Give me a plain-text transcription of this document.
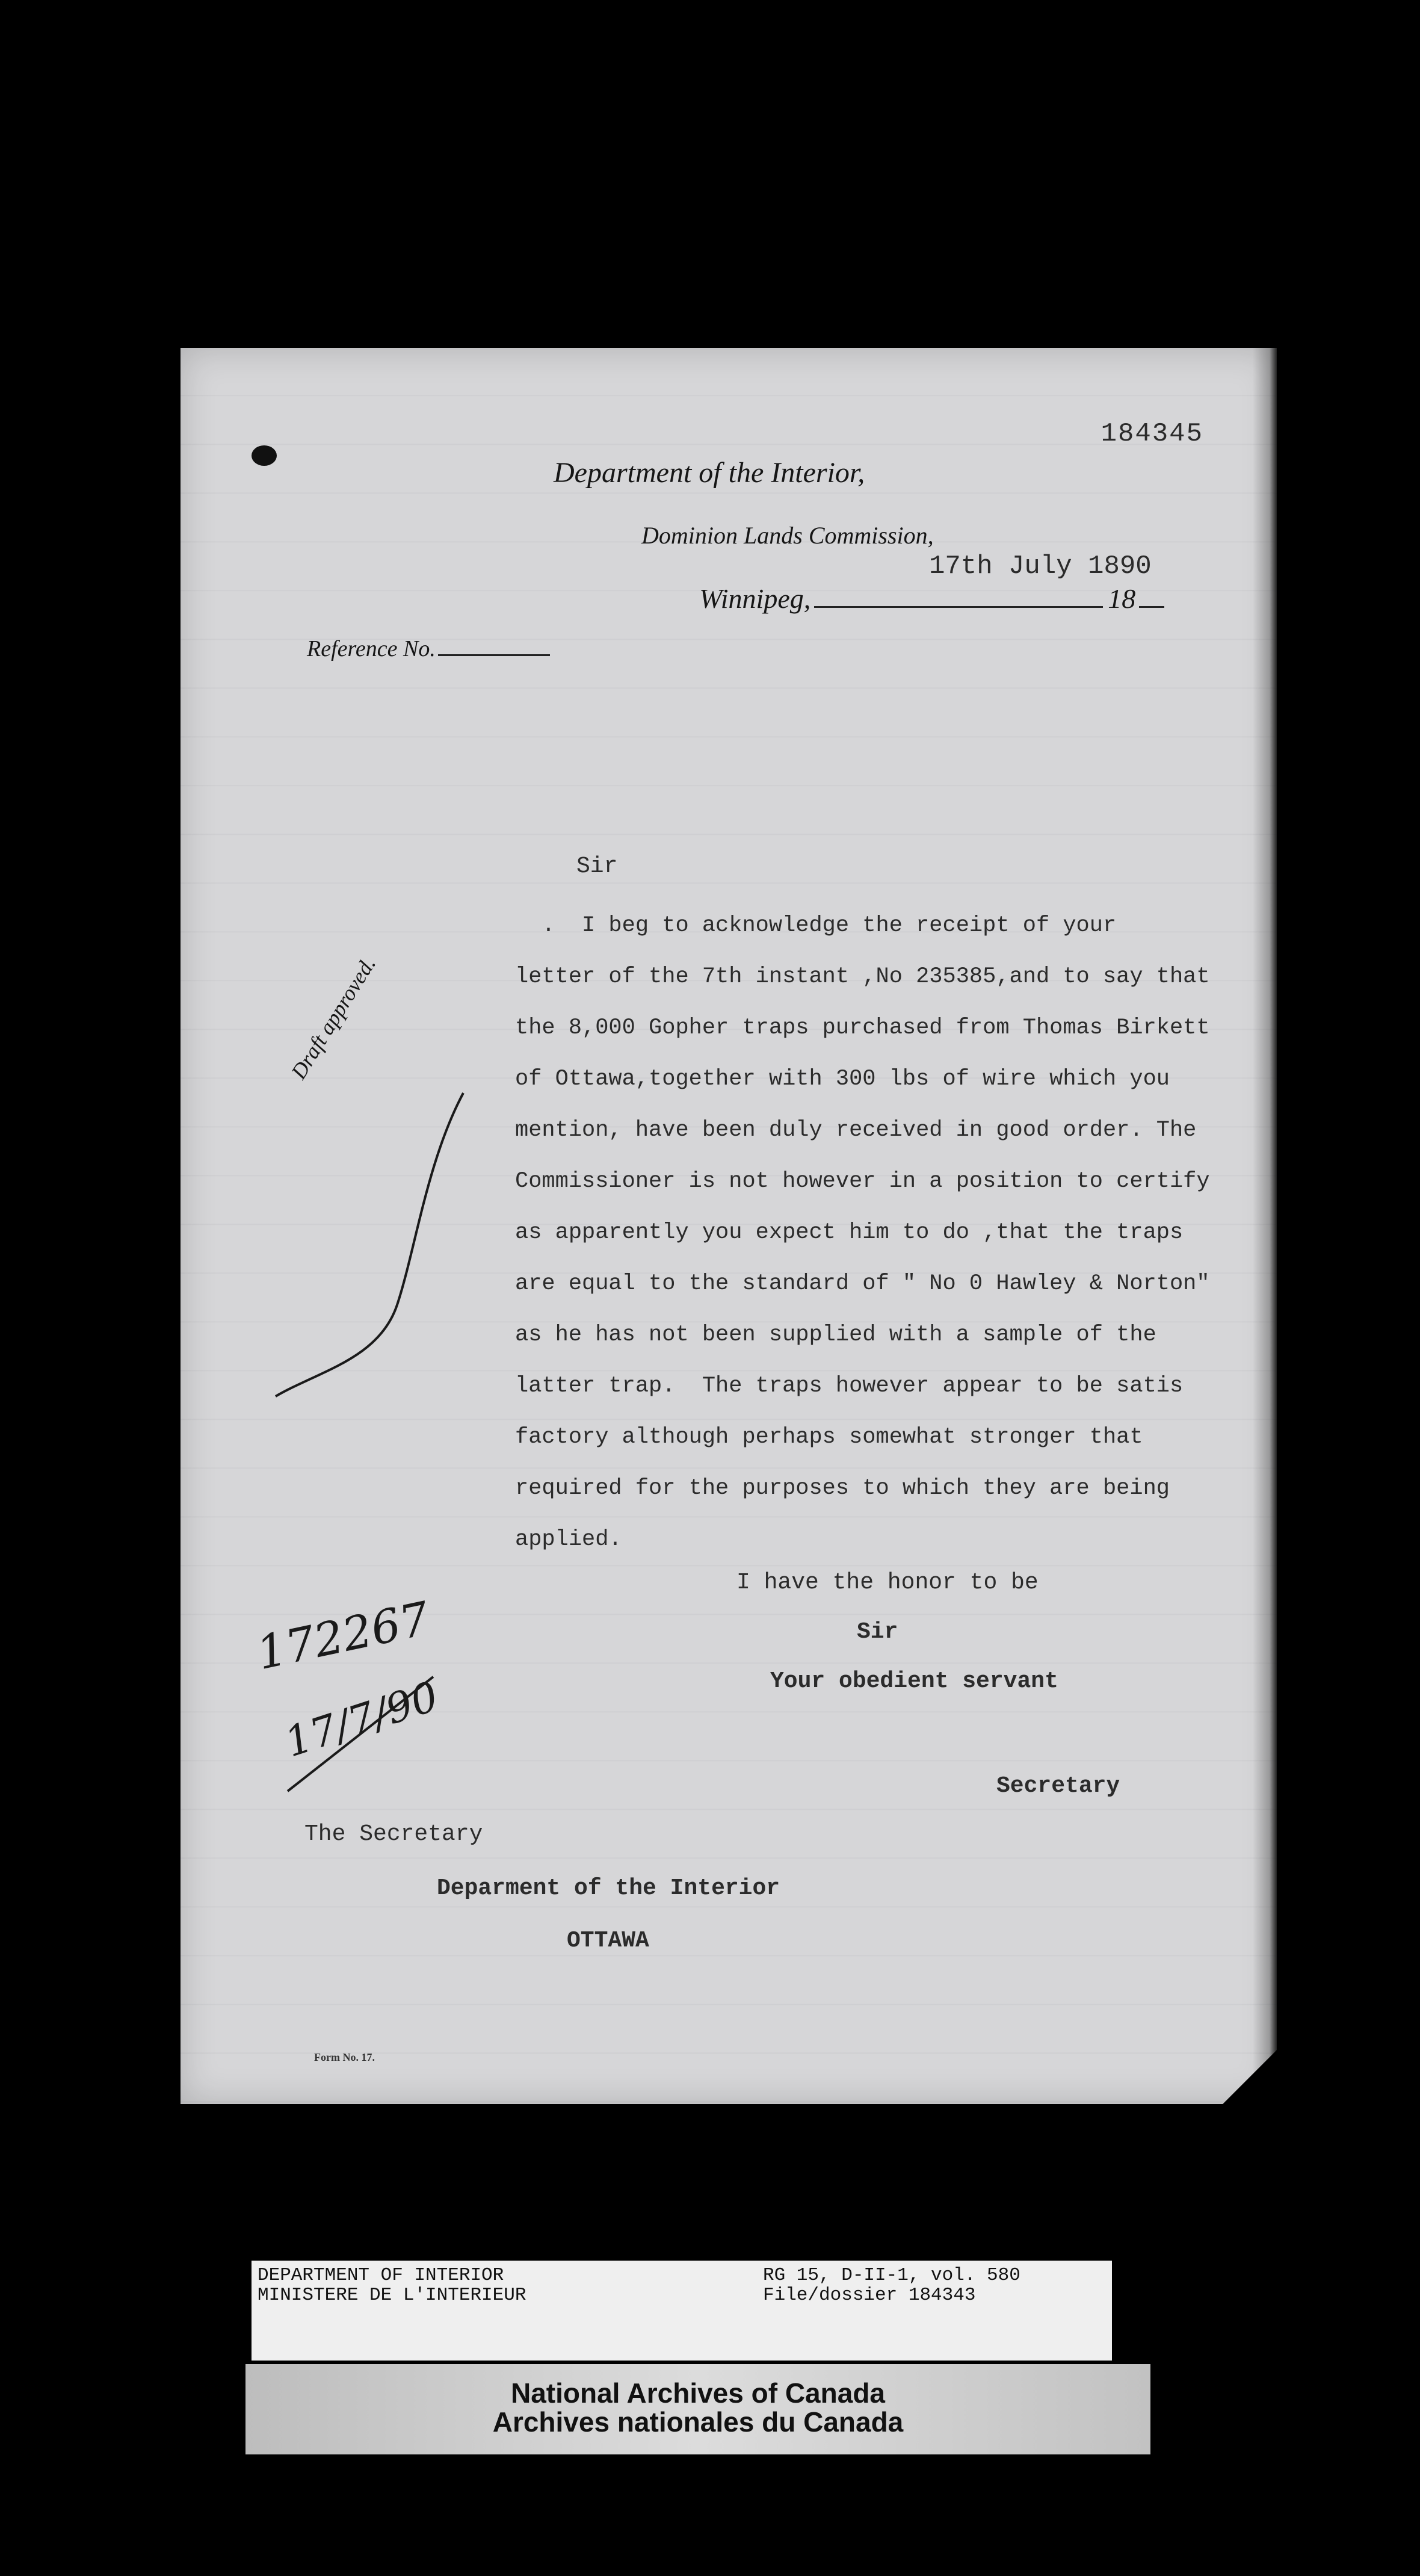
184345
Department of the Interior,
Dominion Lands Commission,
17th July 1890
Winnipeg,	18
Reference No.
Sir
.  I beg to acknowledge the receipt of your
letter of the 7th instant ,No 235385,and to say that
the 8,000 Gopher traps purchased from Thomas Birkett
of Ottawa,together with 300 lbs of wire which you
mention, have been duly received in good order. The
Commissioner is not however in a position to certify
as apparently you expect him to do ,that the traps
are equal to the standard of " No 0 Hawley & Norton"
as he has not been supplied with a sample of the
latter trap.  The traps however appear to be satis
factory although perhaps somewhat stronger that
required for the purposes to which they are being
applied.
I have the honor to be
Sir
Your obedient servant
Secretary
The Secretary
Deparment of the Interior
OTTAWA
Form No. 17.
Draft approved.
172267
17/7/90
DEPARTMENT OF INTERIOR
MINISTERE DE L'INTERIEUR
RG 15, D-II-1, vol. 580
File/dossier 184343
National Archives of Canada
Archives nationales du Canada
